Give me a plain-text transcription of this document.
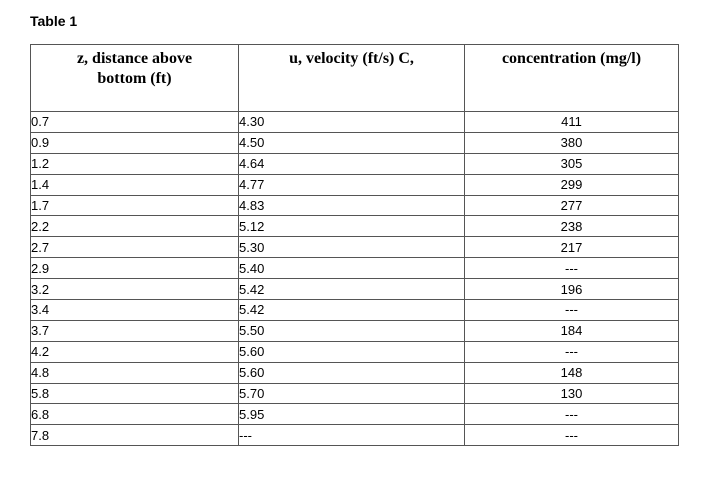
Table 1
z, distance above
bottom (ft)	u, velocity (ft/s) C,	concentration (mg/l)
0.7	4.30	411
0.9	4.50	380
1.2	4.64	305
1.4	4.77	299
1.7	4.83	277
2.2	5.12	238
2.7	5.30	217
2.9	5.40	---
3.2	5.42	196
3.4	5.42	---
3.7	5.50	184
4.2	5.60	---
4.8	5.60	148
5.8	5.70	130
6.8	5.95	---
7.8	---	---
